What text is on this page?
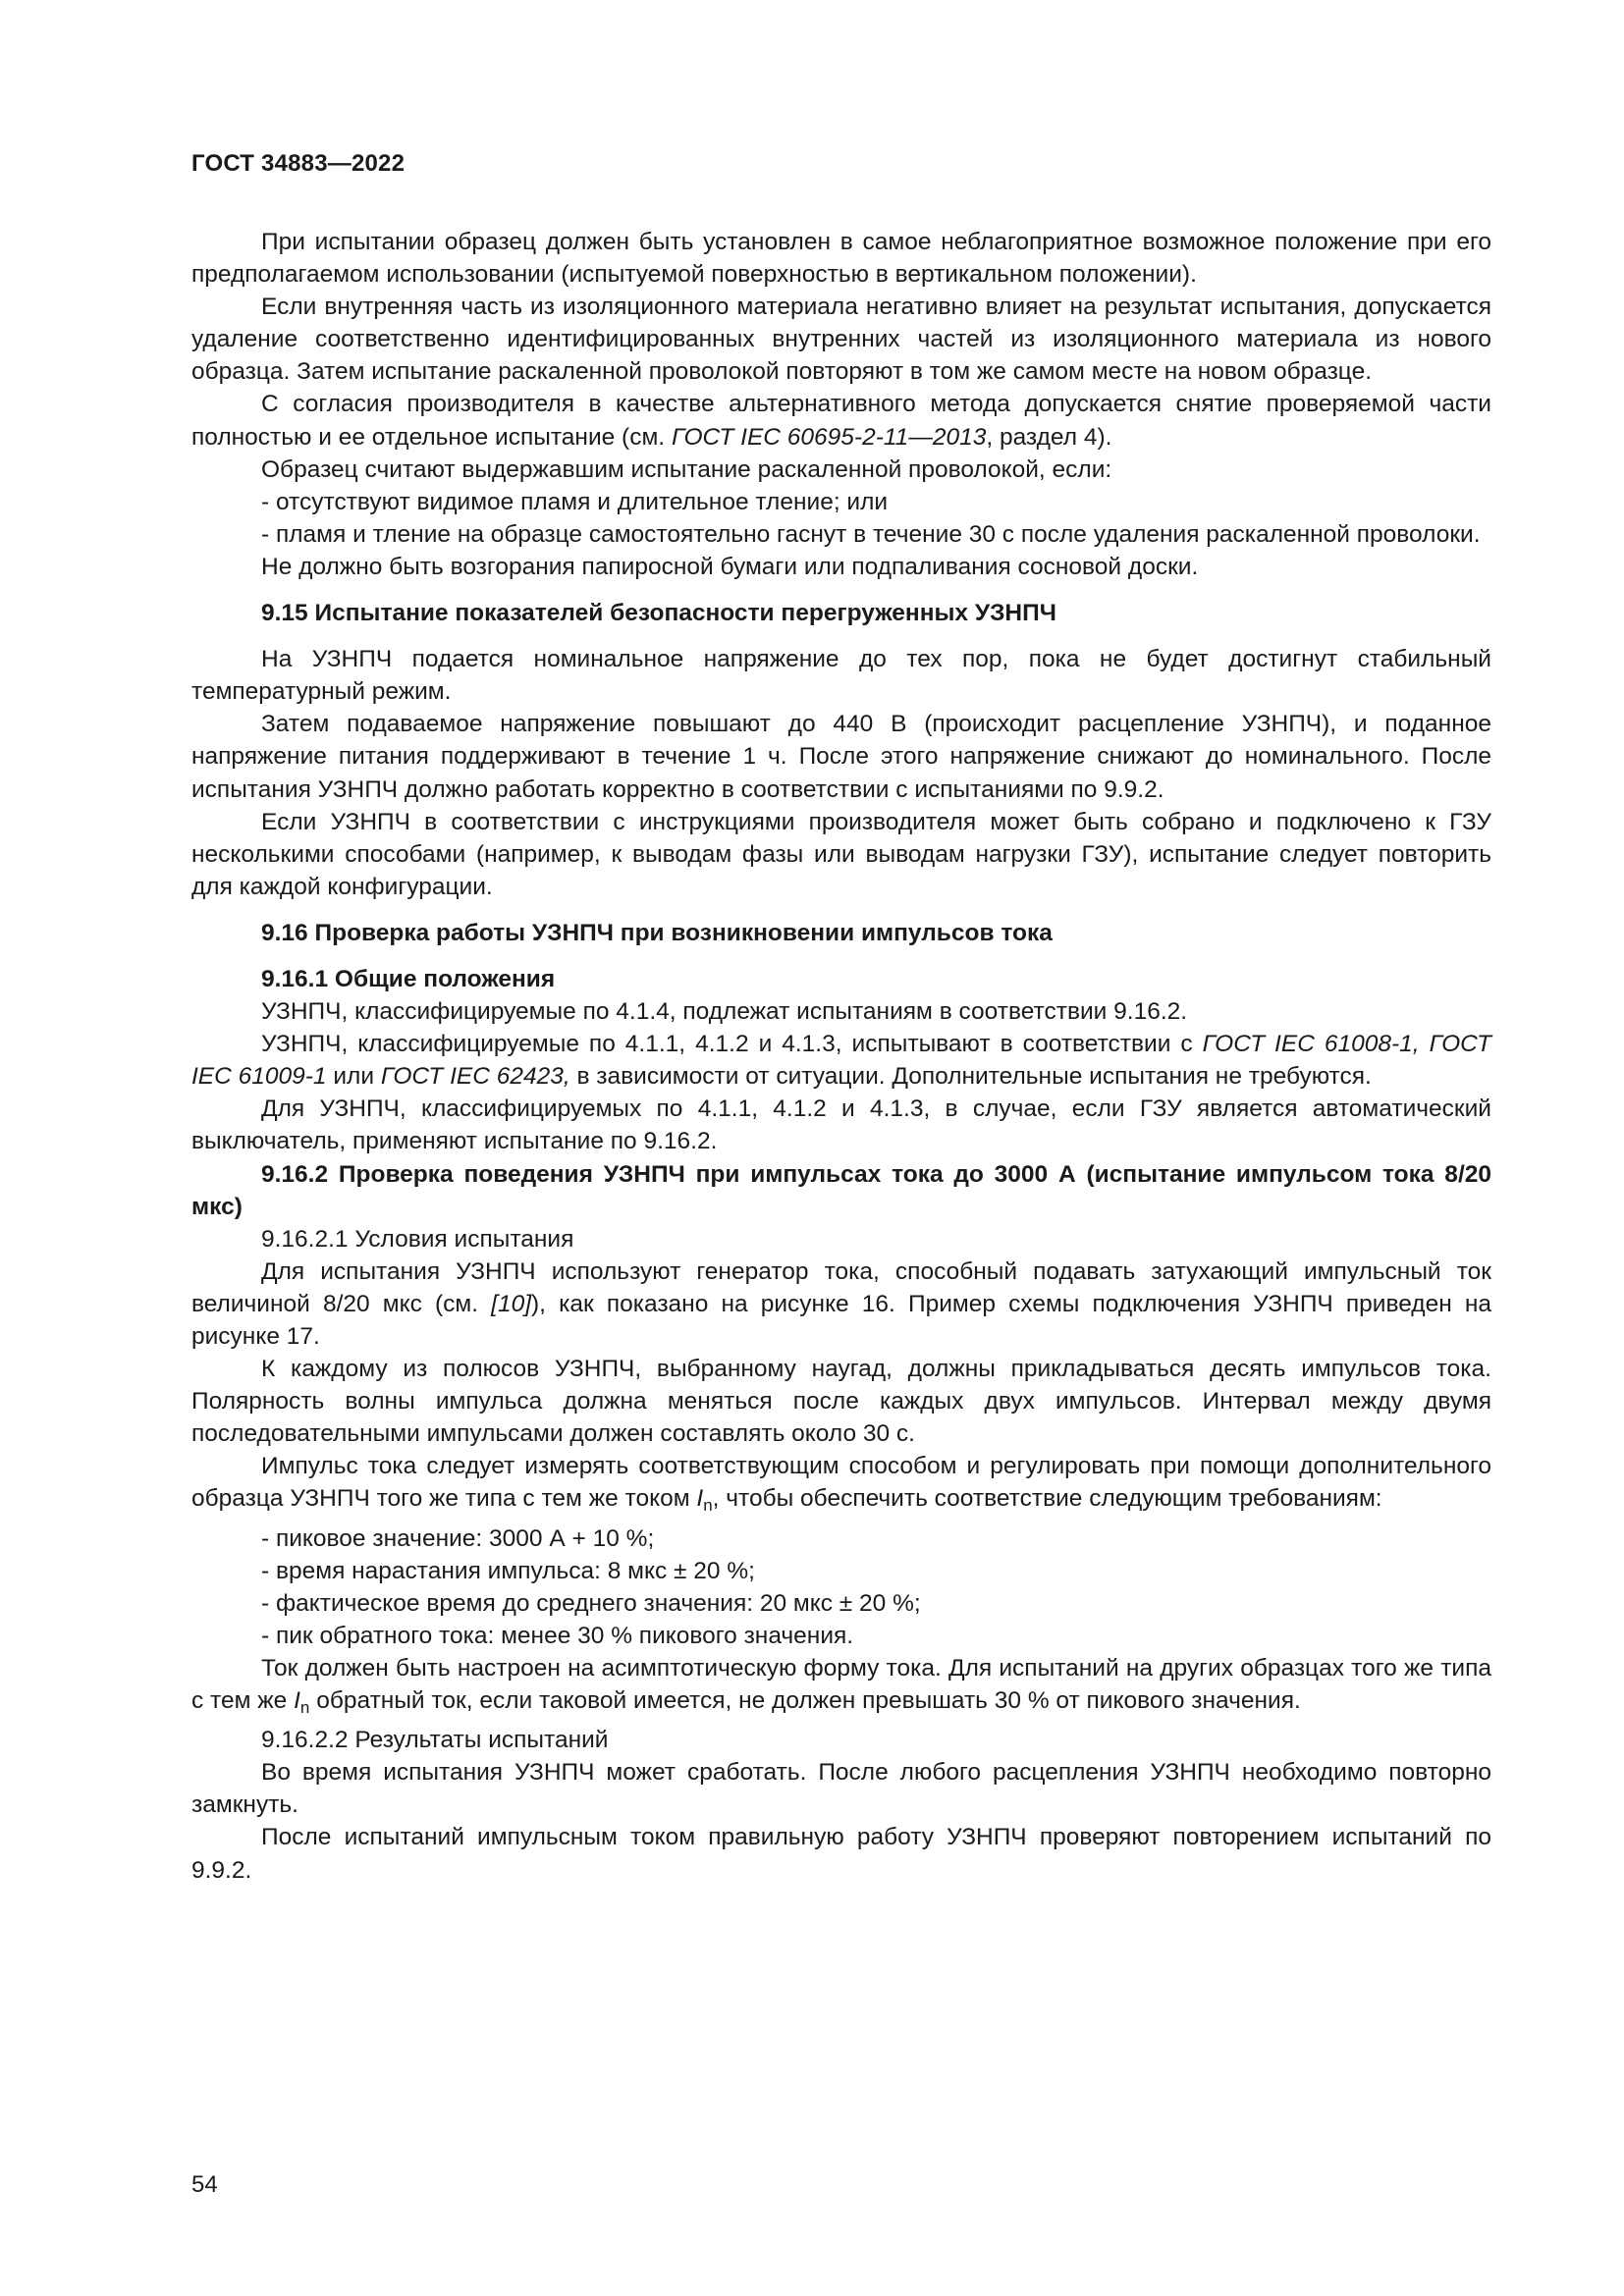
ГОСТ 34883—2022

При испытании образец должен быть установлен в самое неблагоприятное возможное положение при его предполагаемом использовании (испытуемой поверхностью в вертикальном положении).

Если внутренняя часть из изоляционного материала негативно влияет на результат испытания, допускается удаление соответственно идентифицированных внутренних частей из изоляционного материала из нового образца. Затем испытание раскаленной проволокой повторяют в том же самом месте на новом образце.

С согласия производителя в качестве альтернативного метода допускается снятие проверяемой части полностью и ее отдельное испытание (см. ГОСТ IEC 60695-2-11—2013, раздел 4).

Образец считают выдержавшим испытание раскаленной проволокой, если:

- отсутствуют видимое пламя и длительное тление; или

- пламя и тление на образце самостоятельно гаснут в течение 30 с после удаления раскаленной проволоки.

Не должно быть возгорания папиросной бумаги или подпаливания сосновой доски.

9.15 Испытание показателей безопасности перегруженных УЗНПЧ

На УЗНПЧ подается номинальное напряжение до тех пор, пока не будет достигнут стабильный температурный режим.

Затем подаваемое напряжение повышают до 440 В (происходит расцепление УЗНПЧ), и поданное напряжение питания поддерживают в течение 1 ч. После этого напряжение снижают до номинального. После испытания УЗНПЧ должно работать корректно в соответствии с испытаниями по 9.9.2.

Если УЗНПЧ в соответствии с инструкциями производителя может быть собрано и подключено к ГЗУ несколькими способами (например, к выводам фазы или выводам нагрузки ГЗУ), испытание следует повторить для каждой конфигурации.

9.16 Проверка работы УЗНПЧ при возникновении импульсов тока
9.16.1 Общие положения

УЗНПЧ, классифицируемые по 4.1.4, подлежат испытаниям в соответствии 9.16.2.

УЗНПЧ, классифицируемые по 4.1.1, 4.1.2 и 4.1.3, испытывают в соответствии с ГОСТ IEC 61008-1, ГОСТ IEC 61009-1 или ГОСТ IEC 62423, в зависимости от ситуации. Дополнительные испытания не требуются.

Для УЗНПЧ, классифицируемых по 4.1.1, 4.1.2 и 4.1.3, в случае, если ГЗУ является автоматический выключатель, применяют испытание по 9.16.2.

9.16.2 Проверка поведения УЗНПЧ при импульсах тока до 3000 А (испытание импульсом тока 8/20 мкс)

9.16.2.1 Условия испытания

Для испытания УЗНПЧ используют генератор тока, способный подавать затухающий импульсный ток величиной 8/20 мкс (см. [10]), как показано на рисунке 16. Пример схемы подключения УЗНПЧ приведен на рисунке 17.

К каждому из полюсов УЗНПЧ, выбранному наугад, должны прикладываться десять импульсов тока. Полярность волны импульса должна меняться после каждых двух импульсов. Интервал между двумя последовательными импульсами должен составлять около 30 с.

Импульс тока следует измерять соответствующим способом и регулировать при помощи дополнительного образца УЗНПЧ того же типа с тем же током $I_n$, чтобы обеспечить соответствие следующим требованиям:

- пиковое значение: 3000 А + 10 %;

- время нарастания импульса: 8 мкс ± 20 %;

- фактическое время до среднего значения: 20 мкс ± 20 %;

- пик обратного тока: менее 30 % пикового значения.

Ток должен быть настроен на асимптотическую форму тока. Для испытаний на других образцах того же типа с тем же $I_n$ обратный ток, если таковой имеется, не должен превышать 30 % от пикового значения.

9.16.2.2 Результаты испытаний

Во время испытания УЗНПЧ может сработать. После любого расцепления УЗНПЧ необходимо повторно замкнуть.

После испытаний импульсным током правильную работу УЗНПЧ проверяют повторением испытаний по 9.9.2.

54
